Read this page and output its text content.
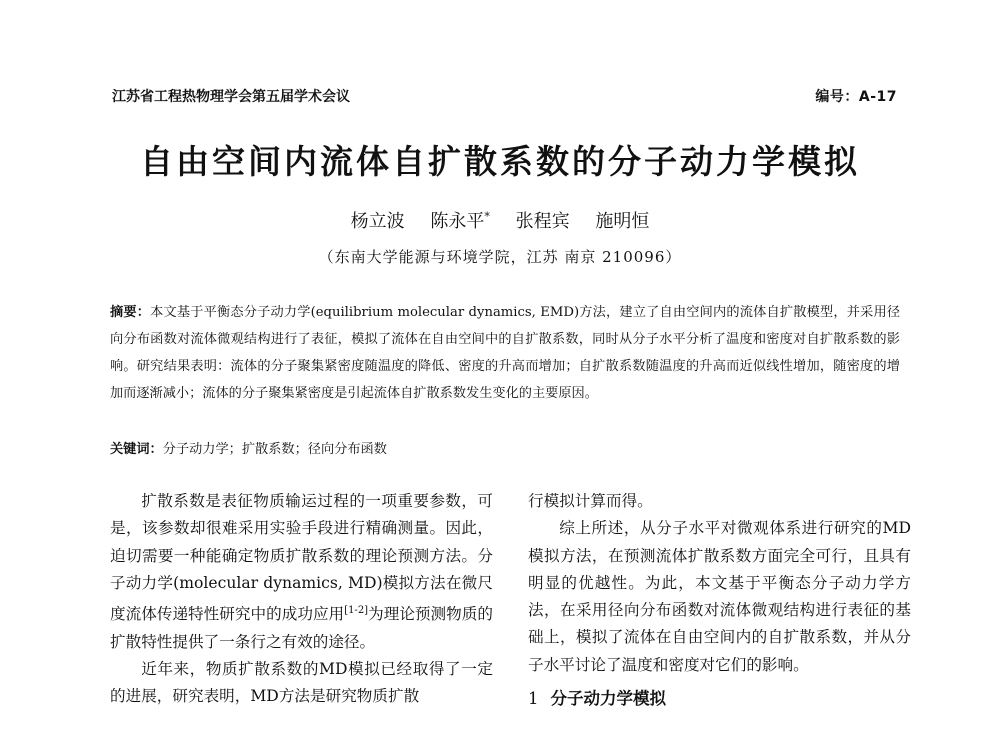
江苏省工程热物理学会第五届学术会议	编号：A-17
自由空间内流体自扩散系数的分子动力学模拟
杨立波 陈永平* 张程宾 施明恒
（东南大学能源与环境学院，江苏 南京 210096）
摘要：本文基于平衡态分子动力学(equilibrium molecular dynamics, EMD)方法，建立了自由空间内的流体自扩散模型，并采用径向分布函数对流体微观结构进行了表征，模拟了流体在自由空间中的自扩散系数，同时从分子水平分析了温度和密度对自扩散系数的影响。研究结果表明：流体的分子聚集紧密度随温度的降低、密度的升高而增加；自扩散系数随温度的升高而近似线性增加，随密度的增加而逐渐减小；流体的分子聚集紧密度是引起流体自扩散系数发生变化的主要原因。
关键词：分子动力学；扩散系数；径向分布函数

扩散系数是表征物质输运过程的一项重要参数，可是，该参数却很难采用实验手段进行精确测量。因此，迫切需要一种能确定物质扩散系数的理论预测方法。分子动力学(molecular dynamics, MD)模拟方法在微尺度流体传递特性研究中的成功应用[1-2]为理论预测物质的扩散特性提供了一条行之有效的途径。

近年来，物质扩散系数的MD模拟已经取得了一定的进展，研究表明，MD方法是研究物质扩散

行模拟计算而得。

综上所述，从分子水平对微观体系进行研究的MD模拟方法，在预测流体扩散系数方面完全可行，且具有明显的优越性。为此，本文基于平衡态分子动力学方法，在采用径向分布函数对流体微观结构进行表征的基础上，模拟了流体在自由空间内的自扩散系数，并从分子水平讨论了温度和密度对它们的影响。

1 分子动力学模拟
